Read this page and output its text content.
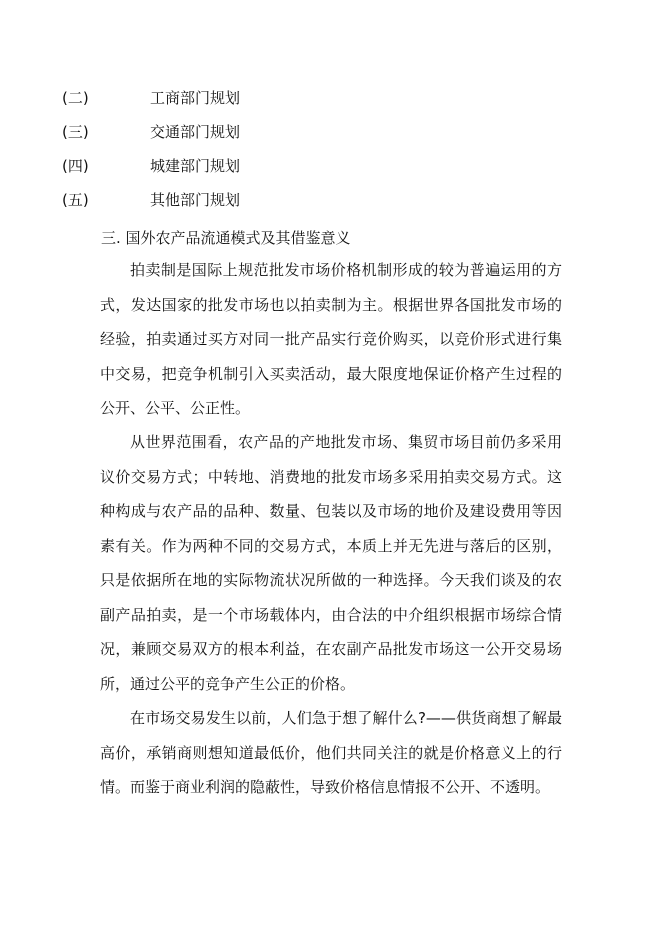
(二)	工商部门规划
(三)	交通部门规划
(四)	城建部门规划
(五)	其他部门规划
三. 国外农产品流通模式及其借鉴意义

拍卖制是国际上规范批发市场价格机制形成的较为普遍运用的方式，发达国家的批发市场也以拍卖制为主。根据世界各国批发市场的经验，拍卖通过买方对同一批产品实行竞价购买，以竞价形式进行集中交易，把竞争机制引入买卖活动，最大限度地保证价格产生过程的公开、公平、公正性。

从世界范围看，农产品的产地批发市场、集贸市场目前仍多采用议价交易方式；中转地、消费地的批发市场多采用拍卖交易方式。这种构成与农产品的品种、数量、包装以及市场的地价及建设费用等因素有关。作为两种不同的交易方式，本质上并无先进与落后的区别，只是依据所在地的实际物流状况所做的一种选择。今天我们谈及的农副产品拍卖，是一个市场载体内，由合法的中介组织根据市场综合情况，兼顾交易双方的根本利益，在农副产品批发市场这一公开交易场所，通过公平的竞争产生公正的价格。

在市场交易发生以前，人们急于想了解什么?——供货商想了解最高价，承销商则想知道最低价，他们共同关注的就是价格意义上的行情。而鉴于商业利润的隐蔽性，导致价格信息情报不公开、不透明。
